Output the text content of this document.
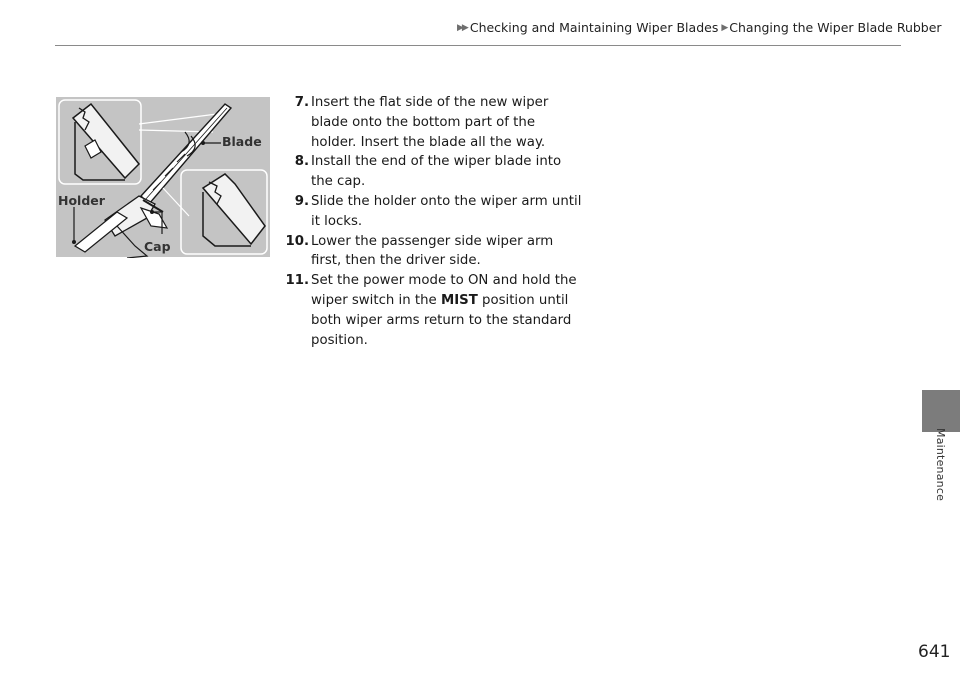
▶▶ Checking and Maintaining Wiper Blades ▶ Changing the Wiper Blade Rubber
Blade
Holder
Cap
7. Insert the flat side of the new wiper blade onto the bottom part of the holder. Insert the blade all the way.
8. Install the end of the wiper blade into the cap.
9. Slide the holder onto the wiper arm until it locks.
10. Lower the passenger side wiper arm first, then the driver side.
11. Set the power mode to ON and hold the wiper switch in the MIST position until both wiper arms return to the standard position.
Maintenance
641
